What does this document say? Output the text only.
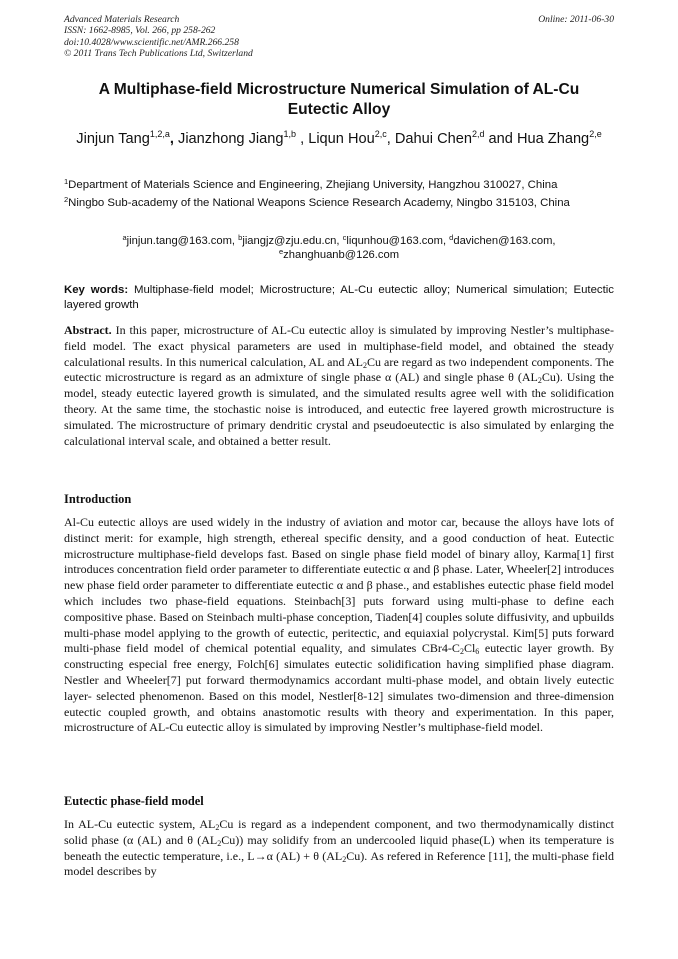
Advanced Materials Research
ISSN: 1662-8985, Vol. 266, pp 258-262
doi:10.4028/www.scientific.net/AMR.266.258
© 2011 Trans Tech Publications Ltd, Switzerland
Online: 2011-06-30
A Multiphase-field Microstructure Numerical Simulation of AL-Cu Eutectic Alloy
Jinjun Tang$^{1,2,a}$, Jianzhong Jiang$^{1,b}$ , Liqun Hou$^{2,c}$, Dahui Chen$^{2,d}$ and Hua Zhang$^{2,e}$
$^1$Department of Materials Science and Engineering, Zhejiang University, Hangzhou 310027, China
$^2$Ningbo Sub-academy of the National Weapons Science Research Academy, Ningbo 315103, China
$^a$jinjun.tang@163.com, $^b$jiangjz@zju.edu.cn, $^c$liqunhou@163.com, $^d$davichen@163.com,
$^e$zhanghuanb@126.com
Key words: Multiphase-field model; Microstructure; AL-Cu eutectic alloy; Numerical simulation; Eutectic layered growth
Abstract. In this paper, microstructure of AL-Cu eutectic alloy is simulated by improving Nestler’s multiphase-field model. The exact physical parameters are used in multiphase-field model, and obtained the steady calculational results. In this numerical calculation, AL and $AL_2Cu$ are regard as two independent components. The eutectic microstructure is regard as an admixture of single phase α (AL) and single phase θ $(AL_2Cu)$. Using the model, steady eutectic layered growth is simulated, and the simulated results agree well with the solidification theory. At the same time, the stochastic noise is introduced, and eutectic free layered growth microstructure is simulated. The microstructure of primary dendritic crystal and pseudoeutectic is also simulated by enlarging the calculational interval scale, and obtained a better result.
Introduction
Al-Cu eutectic alloys are used widely in the industry of aviation and motor car, because the alloys have lots of distinct merit: for example, high strength, ethereal specific density, and a good conduction of heat. Eutectic microstructure multiphase-field develops fast. Based on single phase field model of binary alloy, Karma[1] first introduces concentration field order parameter to differentiate eutectic α and β phase. Later, Wheeler[2] introduces new phase field order parameter to differentiate eutectic α and β phase., and establishes eutectic phase field model which includes two phase-field equations. Steinbach[3] puts forward using multi-phase to define each compositive phase. Based on Steinbach multi-phase conception, Tiaden[4] couples solute diffusivity, and upbuilds multi-phase model applying to the growth of eutectic, peritectic, and equiaxial polycrystal. Kim[5] puts forward multi-phase field model of chemical potential equality, and simulates $CBr4-C_2Cl_6$ eutectic layer growth. By constructing especial free energy, Folch[6] simulates eutectic solidification having simplified phase diagram. Nestler and Wheeler[7] put forward thermodynamics accordant multi-phase model, and obtain lively eutectic layer- selected phenomenon. Based on this model, Nestler[8-12] simulates two-dimension and three-dimension eutectic coupled growth, and obtains anastomotic results with theory and experimentation. In this paper, microstructure of AL-Cu eutectic alloy is simulated by improving Nestler’s multiphase-field model.
Eutectic phase-field model
In AL-Cu eutectic system, $AL_2Cu$ is regard as a independent component, and two thermodynamically distinct solid phase (α (AL) and θ $(AL_2Cu)$) may solidify from an undercooled liquid phase(L) when its temperature is beneath the eutectic temperature, i.e., L→α (AL) + θ $(AL_2Cu)$. As refered in Reference [11], the multi-phase field model describes by
